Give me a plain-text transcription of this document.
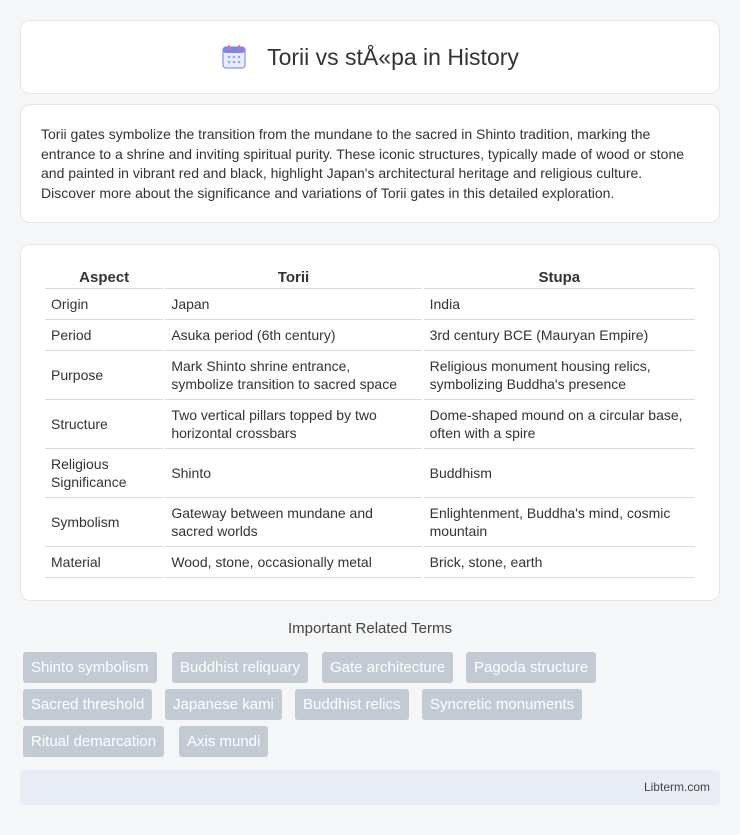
Torii vs stÅ«pa in History

Torii gates symbolize the transition from the mundane to the sacred in Shinto tradition, marking the entrance to a shrine and inviting spiritual purity. These iconic structures, typically made of wood or stone and painted in vibrant red and black, highlight Japan's architectural heritage and religious culture. Discover more about the significance and variations of Torii gates in this detailed exploration.

Aspect	Torii	Stupa
Origin	Japan	India
Period	Asuka period (6th century)	3rd century BCE (Mauryan Empire)
Purpose	Mark Shinto shrine entrance, symbolize transition to sacred space	Religious monument housing relics, symbolizing Buddha's presence
Structure	Two vertical pillars topped by two horizontal crossbars	Dome-shaped mound on a circular base, often with a spire
Religious Significance	Shinto	Buddhism
Symbolism	Gateway between mundane and sacred worlds	Enlightenment, Buddha's mind, cosmic mountain
Material	Wood, stone, occasionally metal	Brick, stone, earth
Important Related Terms
Shinto symbolism	Buddhist reliquary	Gate architecture	Pagoda structure
Sacred threshold	Japanese kami	Buddhist relics	Syncretic monuments
Ritual demarcation	Axis mundi
Libterm.com
